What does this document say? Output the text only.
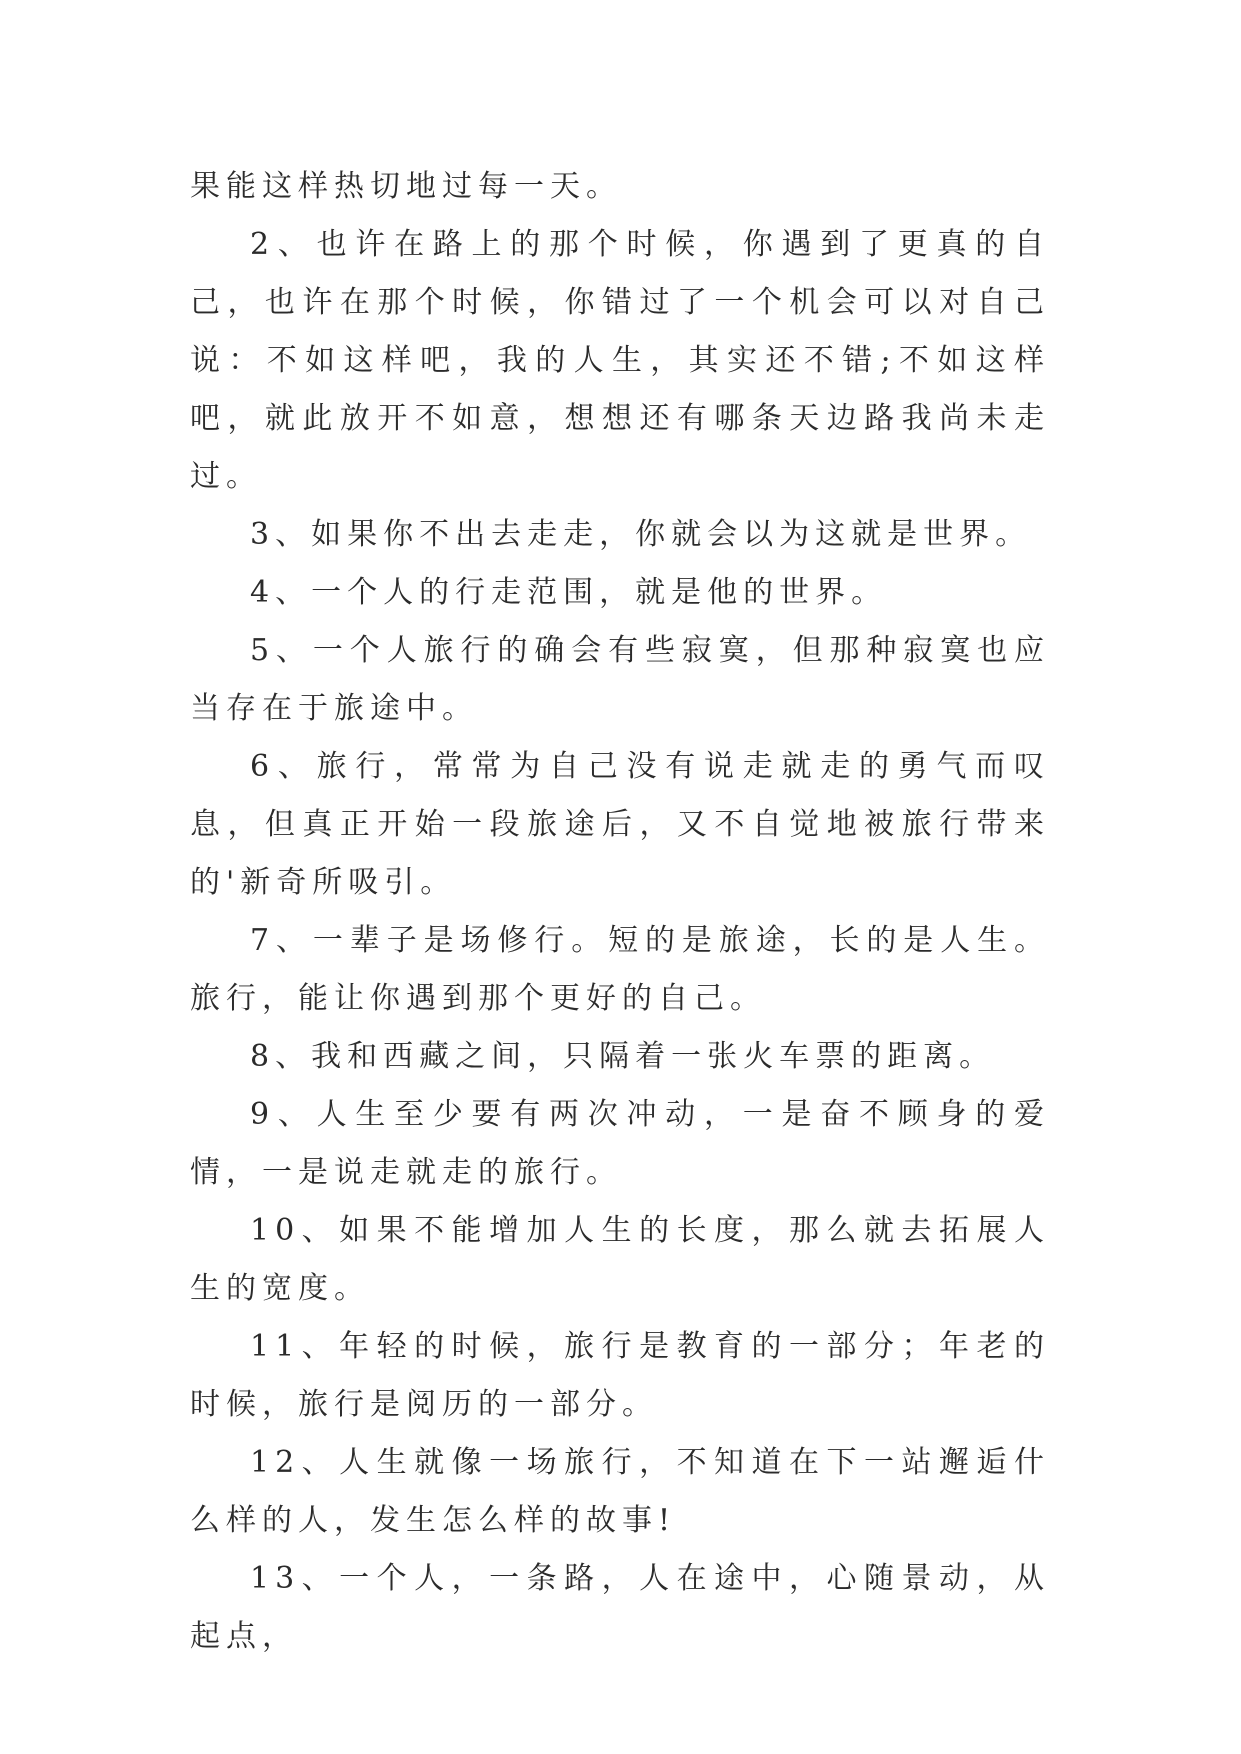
果能这样热切地过每一天。

2、也许在路上的那个时候，你遇到了更真的自己，也许在那个时候，你错过了一个机会可以对自己说：不如这样吧，我的人生，其实还不错;不如这样吧，就此放开不如意，想想还有哪条天边路我尚未走过。

3、如果你不出去走走，你就会以为这就是世界。

4、一个人的行走范围，就是他的世界。

5、一个人旅行的确会有些寂寞，但那种寂寞也应当存在于旅途中。

6、旅行，常常为自己没有说走就走的勇气而叹息，但真正开始一段旅途后，又不自觉地被旅行带来的'新奇所吸引。

7、一辈子是场修行。短的是旅途，长的是人生。旅行，能让你遇到那个更好的自己。

8、我和西藏之间，只隔着一张火车票的距离。

9、人生至少要有两次冲动，一是奋不顾身的爱情，一是说走就走的旅行。

10、如果不能增加人生的长度，那么就去拓展人生的宽度。

11、年轻的时候，旅行是教育的一部分；年老的时候，旅行是阅历的一部分。

12、人生就像一场旅行，不知道在下一站邂逅什么样的人，发生怎么样的故事!

13、一个人，一条路，人在途中，心随景动，从起点，
